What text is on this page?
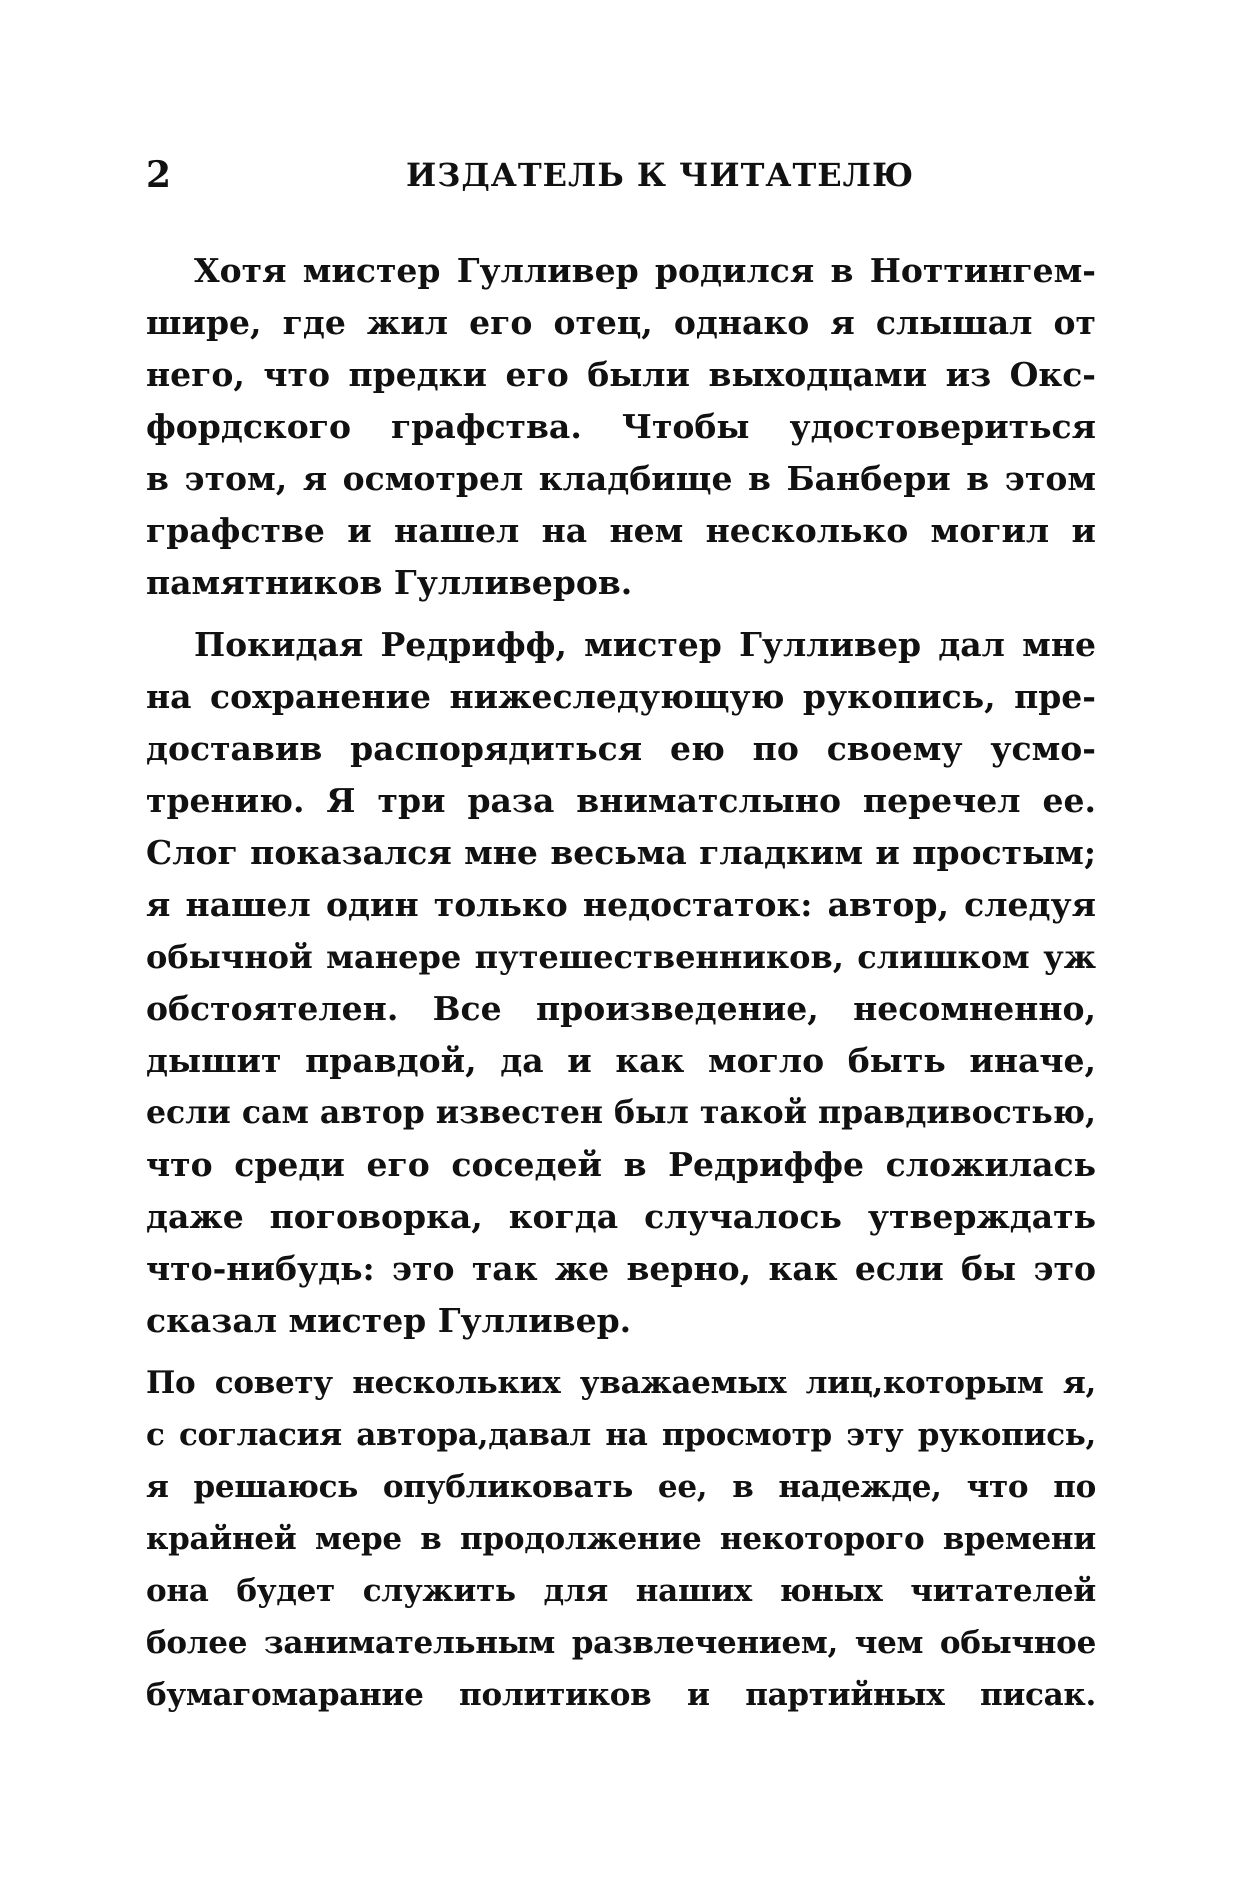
2	ИЗДАТЕЛЬ К ЧИТАТЕЛЮ
Хотя мистер Гулливер родился в Ноттингем-
шире, где жил его отец, однако я слышал от
него, что предки его были выходцами из Окс-
фордского графства. Чтобы удостовериться
в этом, я осмотрел кладбище в Банбери в этом
графстве и нашел на нем несколько могил и
памятников Гулливеров.
Покидая Редрифф, мистер Гулливер дал мне
на сохранение нижеследующую рукопись, пре-
доставив распорядиться ею по своему усмо-
трению. Я три раза вниматслыно перечел ее.
Слог показался мне весьма гладким и простым;
я нашел один только недостаток: автор, следуя
обычной манере путешественников, слишком уж
обстоятелен. Все произведение, несомненно,
дышит правдой, да и как могло быть иначе,
если сам автор известен был такой правдивостью,
что среди его соседей в Редриффе сложилась
даже поговорка, когда случалось утверждать
что-нибудь: это так же верно, как если бы это
сказал мистер Гулливер.
По совету нескольких уважаемых лиц,которым я,
с согласия автора,давал на просмотр эту рукопись,
я решаюсь опубликовать ее, в надежде, что по
крайней мере в продолжение некоторого времени
она будет служить для наших юных читателей
более занимательным развлечением, чем обычное
бумагомарание политиков и партийных писак.
